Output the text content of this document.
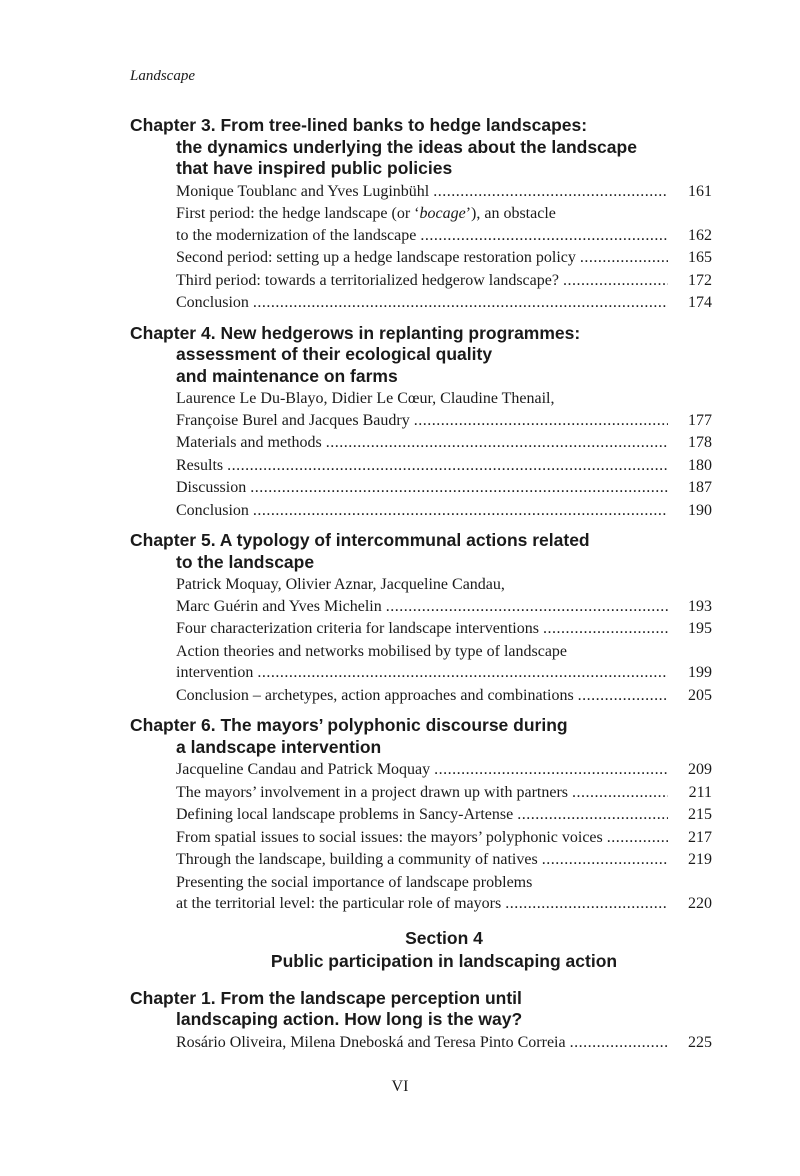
Landscape
Chapter 3. From tree-lined banks to hedge landscapes:
the dynamics underlying the ideas about the landscape
that have inspired public policies
Monique Toublanc and Yves Luginbühl .....	161
First period: the hedge landscape (or ‘bocage’), an obstacle
to the modernization of the landscape .....	162
Second period: setting up a hedge landscape restoration policy .....	165
Third period: towards a territorialized hedgerow landscape? .....	172
Conclusion .....	174
Chapter 4. New hedgerows in replanting programmes:
assessment of their ecological quality
and maintenance on farms
Laurence Le Du-Blayo, Didier Le Cœur, Claudine Thenail,
Françoise Burel and Jacques Baudry .....	177
Materials and methods .....	178
Results .....	180
Discussion .....	187
Conclusion .....	190
Chapter 5. A typology of intercommunal actions related
to the landscape
Patrick Moquay, Olivier Aznar, Jacqueline Candau,
Marc Guérin and Yves Michelin .....	193
Four characterization criteria for landscape interventions .....	195
Action theories and networks mobilised by type of landscape
intervention .....	199
Conclusion – archetypes, action approaches and combinations .....	205
Chapter 6. The mayors’ polyphonic discourse during
a landscape intervention
Jacqueline Candau and Patrick Moquay .....	209
The mayors’ involvement in a project drawn up with partners .....	211
Defining local landscape problems in Sancy-Artense .....	215
From spatial issues to social issues: the mayors’ polyphonic voices .....	217
Through the landscape, building a community of natives .....	219
Presenting the social importance of landscape problems
at the territorial level: the particular role of mayors .....	220
Section 4
Public participation in landscaping action
Chapter 1. From the landscape perception until
landscaping action. How long is the way?
Rosário Oliveira, Milena Dneboská and Teresa Pinto Correia .....	225
VI
